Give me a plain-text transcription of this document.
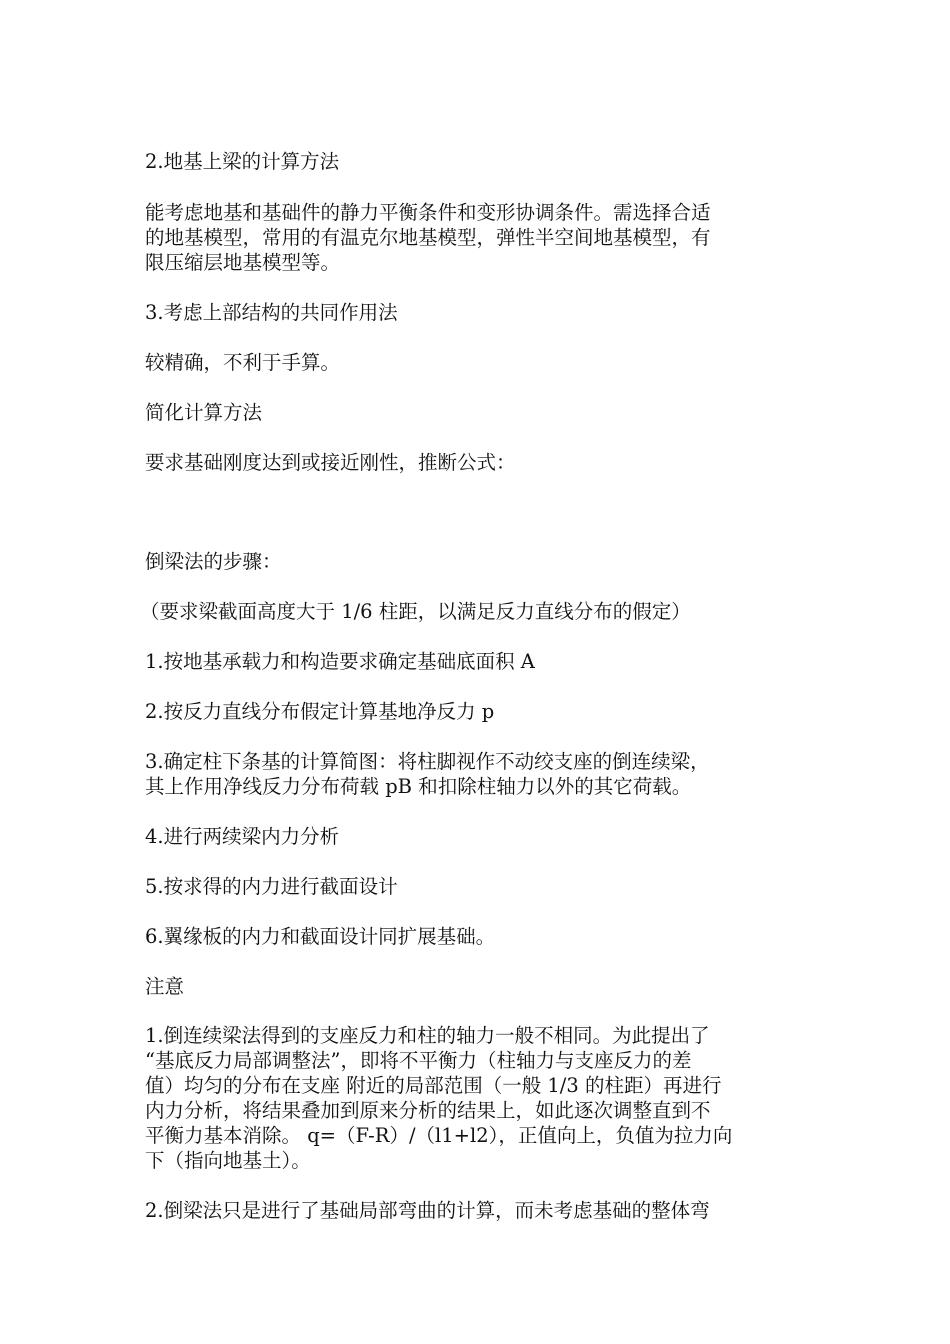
2.地基上梁的计算方法

能考虑地基和基础件的静力平衡条件和变形协调条件。需选择合适
的地基模型，常用的有温克尔地基模型，弹性半空间地基模型，有
限压缩层地基模型等。

3.考虑上部结构的共同作用法

较精确，不利于手算。

简化计算方法

要求基础刚度达到或接近刚性，推断公式：

倒梁法的步骤：

（要求梁截面高度大于 1/6 柱距，以满足反力直线分布的假定）

1.按地基承载力和构造要求确定基础底面积 A

2.按反力直线分布假定计算基地净反力 p

3.确定柱下条基的计算简图：将柱脚视作不动绞支座的倒连续梁，
其上作用净线反力分布荷载 pB 和扣除柱轴力以外的其它荷载。

4.进行两续梁内力分析

5.按求得的内力进行截面设计

6.翼缘板的内力和截面设计同扩展基础。

注意

1.倒连续梁法得到的支座反力和柱的轴力一般不相同。为此提出了
“基底反力局部调整法”，即将不平衡力（柱轴力与支座反力的差
值）均匀的分布在支座 附近的局部范围（一般 1/3 的柱距）再进行
内力分析，将结果叠加到原来分析的结果上，如此逐次调整直到不
平衡力基本消除。 q=（F-R）/（l1+l2），正值向上，负值为拉力向
下（指向地基土）。

2.倒梁法只是进行了基础局部弯曲的计算，而未考虑基础的整体弯
